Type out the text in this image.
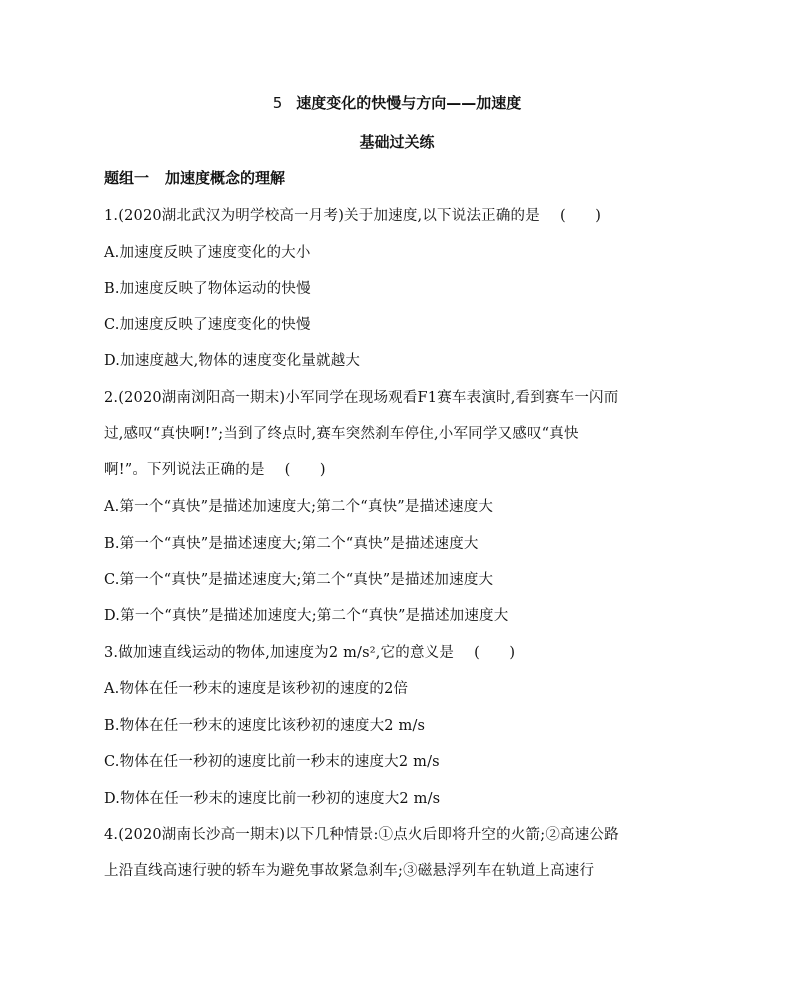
5 速度变化的快慢与方向——加速度
基础过关练
题组一 加速度概念的理解
1.(2020湖北武汉为明学校高一月考)关于加速度,以下说法正确的是 (　　)
A.加速度反映了速度变化的大小
B.加速度反映了物体运动的快慢
C.加速度反映了速度变化的快慢
D.加速度越大,物体的速度变化量就越大
2.(2020湖南浏阳高一期末)小军同学在现场观看F1赛车表演时,看到赛车一闪而
过,感叹“真快啊!”;当到了终点时,赛车突然刹车停住,小军同学又感叹“真快
啊!”。下列说法正确的是 (　　)
A.第一个“真快”是描述加速度大;第二个“真快”是描述速度大
B.第一个“真快”是描述速度大;第二个“真快”是描述速度大
C.第一个“真快”是描述速度大;第二个“真快”是描述加速度大
D.第一个“真快”是描述加速度大;第二个“真快”是描述加速度大
3.做加速直线运动的物体,加速度为2 m/s²,它的意义是 (　　)
A.物体在任一秒末的速度是该秒初的速度的2倍
B.物体在任一秒末的速度比该秒初的速度大2 m/s
C.物体在任一秒初的速度比前一秒末的速度大2 m/s
D.物体在任一秒末的速度比前一秒初的速度大2 m/s
4.(2020湖南长沙高一期末)以下几种情景:①点火后即将升空的火箭;②高速公路
上沿直线高速行驶的轿车为避免事故紧急刹车;③磁悬浮列车在轨道上高速行
